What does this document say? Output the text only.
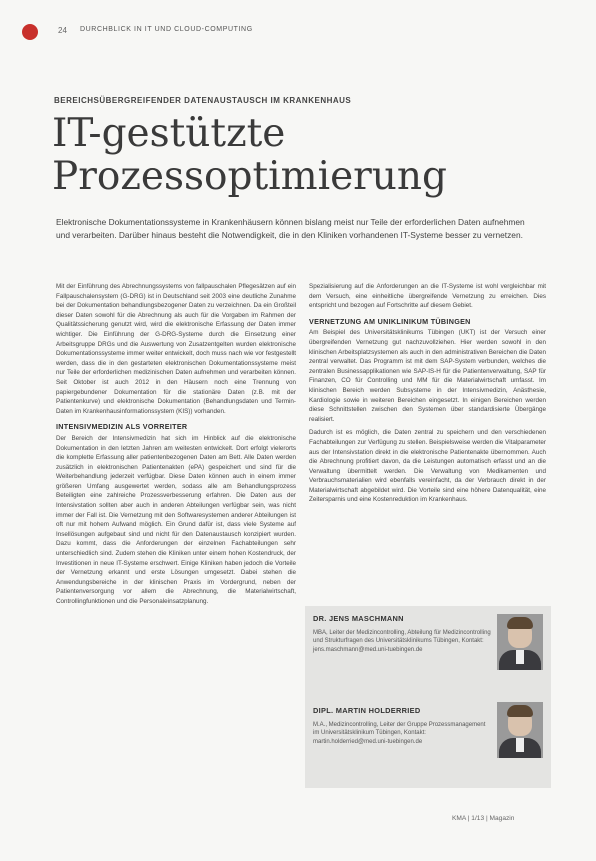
24 DURCHBLICK IN IT UND CLOUD-COMPUTING
BEREICHSÜBERGREIFENDER DATENAUSTAUSCH IM KRANKENHAUS
IT-gestützte Prozessoptimierung
Elektronische Dokumentationssysteme in Krankenhäusern können bislang meist nur Teile der erforderlichen Daten aufnehmen und verarbeiten. Darüber hinaus besteht die Notwendigkeit, die in den Kliniken vorhandenen IT-Systeme besser zu vernetzen.

Mit der Einführung des Abrechnungssystems von fallpauschalen Pflegesätzen auf ein Fallpauschalensystem (G-DRG) ist in Deutschland seit 2003 eine deutliche Zunahme bei der Dokumentation behandlungsbezogener Daten zu verzeichnen. Da ein Großteil dieser Daten sowohl für die Abrechnung als auch für die Vorgaben im Rahmen der Qualitätssicherung genutzt wird, wird die elektronische Erfassung der Daten immer wichtiger. Die Einführung der G-DRG-Systeme durch die Einsetzung einer Arbeitsgruppe DRGs und die Auswertung von Zusatzentgelten wurden elektronische Dokumentationssysteme immer weiter entwickelt, doch muss nach wie vor festgestellt werden, dass die in den gestarteten elektronischen Dokumentationssysteme meist nur Teile der erforderlichen medizinischen Daten aufnehmen und verarbeiten können. Seit Oktober ist auch 2012 in den Häusern noch eine Trennung von papiergebundener Dokumentation für die stationäre Daten (z.B. mit der Patientenkurve) und elektronische Dokumentation (Behandlungsdaten und Termin-Daten im Krankenhausinformationssystem (KIS)) vorhanden.

INTENSIVMEDIZIN ALS VORREITER

Der Bereich der Intensivmedizin hat sich im Hinblick auf die elektronische Dokumentation in den letzten Jahren am weitesten entwickelt. Dort erfolgt vielerorts die komplette Erfassung aller patientenbezogenen Daten am Bett. Alle Daten werden zusätzlich in elektronischen Patientenakten (ePA) gespeichert und sind für die Weiterbehandlung jederzeit verfügbar. Diese Daten können auch in einem immer größeren Umfang ausgewertet werden, sodass alle am Behandlungsprozess Beteiligten eine zahlreiche Prozessverbesserung erfahren. Die Daten aus der Intensivstation sollten aber auch in anderen Abteilungen verfügbar sein, was nicht immer der Fall ist. Die Vernetzung mit den Softwaresystemen anderer Abteilungen ist oft nur mit hohem Aufwand möglich. Ein Grund dafür ist, dass viele Systeme auf Insellösungen aufgebaut sind und nicht für den Datenaustausch konzipiert wurden. Dazu kommt, dass die Anforderungen der einzelnen Fachabteilungen sehr unterschiedlich sind. Zudem stehen die Kliniken unter einem hohen Kostendruck, der Investitionen in neue IT-Systeme erschwert. Einige Kliniken haben jedoch die Vorteile der Vernetzung erkannt und erste Lösungen umgesetzt. Dabei stehen die Anwendungsbereiche in der klinischen Praxis im Vordergrund, neben der Patientenversorgung vor allem die Abrechnung, die Materialwirtschaft, Controllingfunktionen und die Personaleinsatzplanung.

Spezialisierung auf die Anforderungen an die IT-Systeme ist wohl vergleichbar mit dem Versuch, eine einheitliche übergreifende Vernetzung zu erreichen. Dies entspricht und bezogen auf Fortschritte auf diesem Gebiet.

VERNETZUNG AM UNIKLINIKUM TÜBINGEN

Am Beispiel des Universitätsklinikums Tübingen (UKT) ist der Versuch einer übergreifenden Vernetzung gut nachzuvollziehen. Hier werden sowohl in den klinischen Arbeitsplatzsystemen als auch in den administrativen Bereichen die Daten zentral verwaltet. Das Programm ist mit dem SAP-System verbunden, welches die zentralen Businessapplikationen wie SAP-IS-H für die Patientenverwaltung, SAP für Finanzen, CO für Controlling und MM für die Materialwirtschaft umfasst. Im klinischen Bereich werden Subsysteme in der Intensivmedizin, Anästhesie, Kardiologie sowie in weiteren Bereichen eingesetzt. In einigen Bereichen werden diese Schnittstellen zwischen den Systemen über standardisierte Übergänge realisiert.

Dadurch ist es möglich, die Daten zentral zu speichern und den verschiedenen Fachabteilungen zur Verfügung zu stellen. Beispielsweise werden die Vitalparameter aus der Intensivstation direkt in die elektronische Patientenakte übernommen. Auch die Abrechnung profitiert davon, da die Leistungen automatisch erfasst und an die Verwaltung übermittelt werden. Die Verwaltung von Medikamenten und Verbrauchsmaterialien wird ebenfalls vereinfacht, da der Verbrauch direkt in der Materialwirtschaft abgebildet wird. Die Vorteile sind eine höhere Datenqualität, eine Zeitersparnis und eine Kostenreduktion im Krankenhaus.

DR. JENS MASCHMANN
MBA, Leiter der Medizincontrolling, Abteilung für Medizincontrolling und Strukturfragen des Universitätsklinikums Tübingen, Kontakt: jens.maschmann@med.uni-tuebingen.de
DIPL. MARTIN HOLDERRIED
M.A., Medizincontrolling, Leiter der Gruppe Prozessmanagement im Universitätsklinikum Tübingen, Kontakt: martin.holderried@med.uni-tuebingen.de
KMA | 1/13 | Magazin
